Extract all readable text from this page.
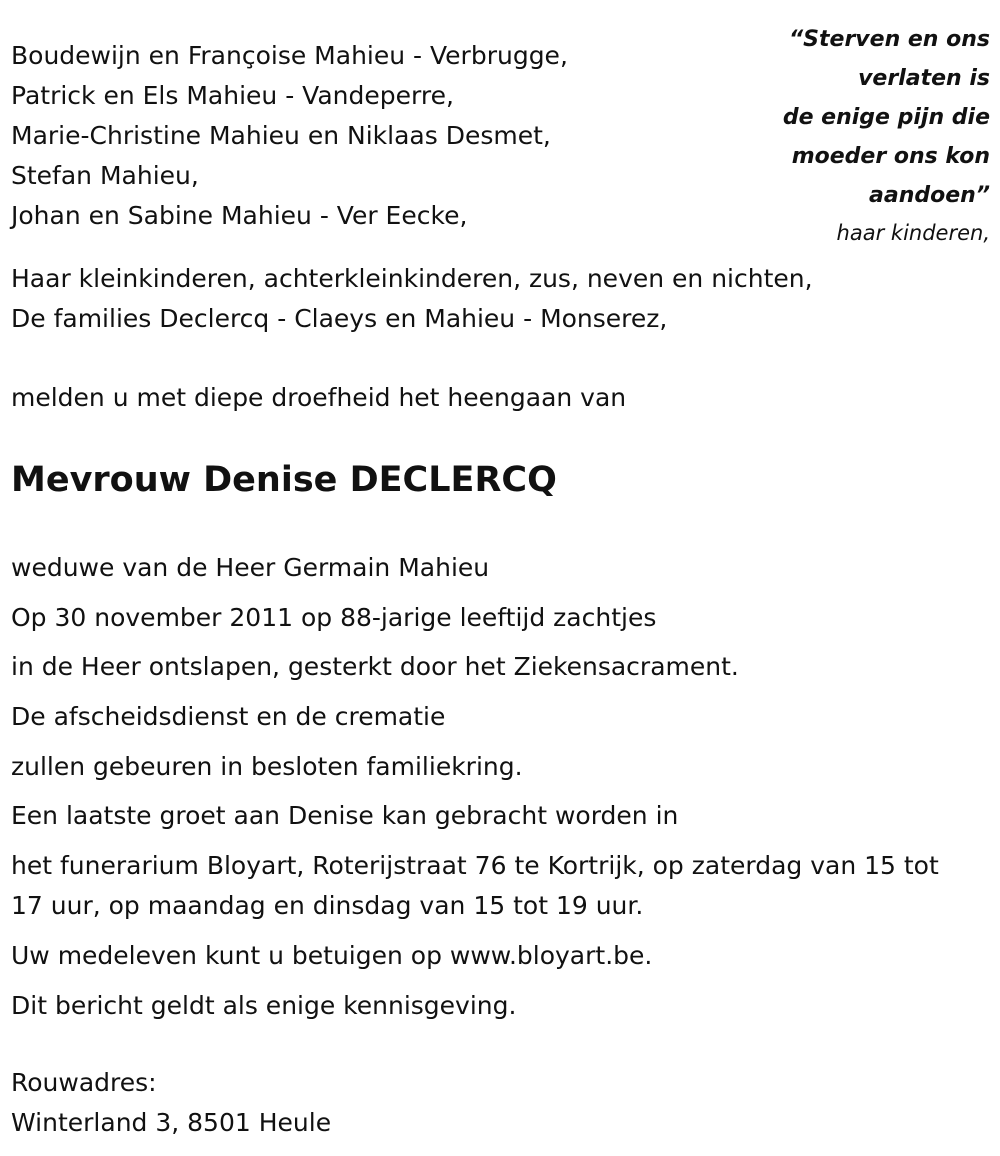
Boudewijn en Françoise Mahieu - Verbrugge,
Patrick en Els Mahieu - Vandeperre,
Marie-Christine Mahieu en Niklaas Desmet,
Stefan Mahieu,
Johan en Sabine Mahieu - Ver Eecke,

“Sterven en ons
verlaten is
de enige pijn die
moeder ons kon
aandoen”

haar kinderen,

Haar kleinkinderen, achterkleinkinderen, zus, neven en nichten,
De families Declercq - Claeys en Mahieu - Monserez,

melden u met diepe droefheid het heengaan van

Mevrouw Denise DECLERCQ
weduwe van de Heer Germain Mahieu
Op 30 november 2011 op 88-jarige leeftijd zachtjes
in de Heer ontslapen, gesterkt door het Ziekensacrament.
De afscheidsdienst en de crematie
zullen gebeuren in besloten familiekring.
Een laatste groet aan Denise kan gebracht worden in
het funerarium Bloyart, Roterijstraat 76 te Kortrijk, op zaterdag van 15 tot 17 uur, op maandag en dinsdag van 15 tot 19 uur.
Uw medeleven kunt u betuigen op www.bloyart.be.
Dit bericht geldt als enige kennisgeving.
Rouwadres:
Winterland 3, 8501 Heule
